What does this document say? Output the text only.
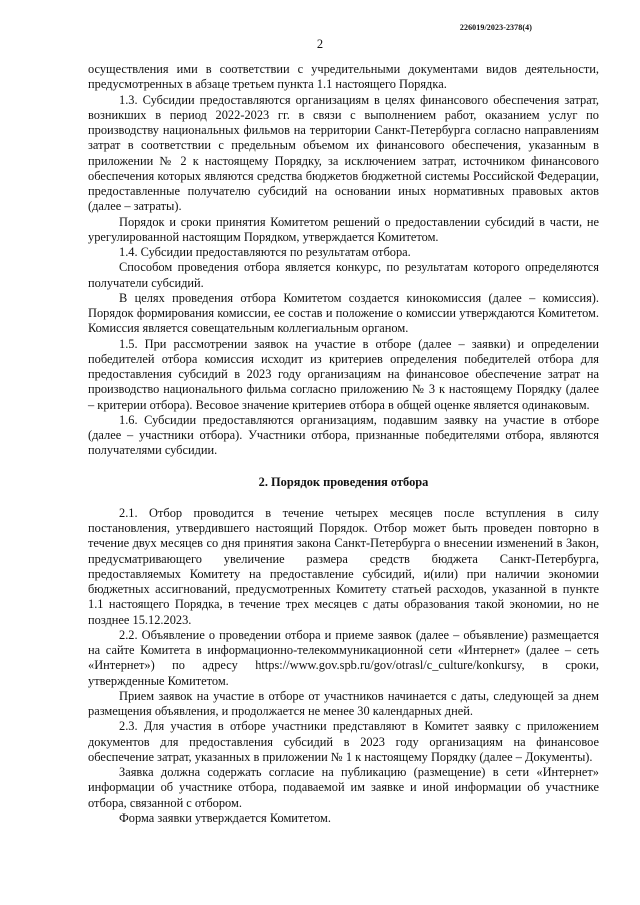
226019/2023-2378(4)
2

осуществления ими в соответствии с учредительными документами видов деятельности, предусмотренных в абзаце третьем пункта 1.1 настоящего Порядка.

1.3. Субсидии предоставляются организациям в целях финансового обеспечения затрат, возникших в период 2022-2023 гг. в связи с выполнением работ, оказанием услуг по производству национальных фильмов на территории Санкт-Петербурга согласно направлениям затрат в соответствии с предельным объемом их финансового обеспечения, указанным в приложении № 2 к настоящему Порядку, за исключением затрат, источником финансового обеспечения которых являются средства бюджетов бюджетной системы Российской Федерации, предоставленные получателю субсидий на основании иных нормативных правовых актов (далее – затраты).

Порядок и сроки принятия Комитетом решений о предоставлении субсидий в части, не урегулированной настоящим Порядком, утверждается Комитетом.

1.4. Субсидии предоставляются по результатам отбора.

Способом проведения отбора является конкурс, по результатам которого определяются получатели субсидий.

В целях проведения отбора Комитетом создается кинокомиссия (далее – комиссия). Порядок формирования комиссии, ее состав и положение о комиссии утверждаются Комитетом. Комиссия является совещательным коллегиальным органом.

1.5. При рассмотрении заявок на участие в отборе (далее – заявки) и определении победителей отбора комиссия исходит из критериев определения победителей отбора для предоставления субсидий в 2023 году организациям на финансовое обеспечение затрат на производство национального фильма согласно приложению № 3 к настоящему Порядку (далее – критерии отбора). Весовое значение критериев отбора в общей оценке является одинаковым.

1.6. Субсидии предоставляются организациям, подавшим заявку на участие в отборе (далее – участники отбора). Участники отбора, признанные победителями отбора, являются получателями субсидии.

2. Порядок проведения отбора

2.1. Отбор проводится в течение четырех месяцев после вступления в силу постановления, утвердившего настоящий Порядок. Отбор может быть проведен повторно в течение двух месяцев со дня принятия закона Санкт-Петербурга о внесении изменений в Закон, предусматривающего увеличение размера средств бюджета Санкт-Петербурга, предоставляемых Комитету на предоставление субсидий, и(или) при наличии экономии бюджетных ассигнований, предусмотренных Комитету статьей расходов, указанной в пункте 1.1 настоящего Порядка, в течение трех месяцев с даты образования такой экономии, но не позднее 15.12.2023.

2.2. Объявление о проведении отбора и приеме заявок (далее – объявление) размещается на сайте Комитета в информационно-телекоммуникационной сети «Интернет» (далее – сеть «Интернет») по адресу https://www.gov.spb.ru/gov/otrasl/c_culture/konkursy, в сроки, утвержденные Комитетом.

Прием заявок на участие в отборе от участников начинается с даты, следующей за днем размещения объявления, и продолжается не менее 30 календарных дней.

2.3. Для участия в отборе участники представляют в Комитет заявку с приложением документов для предоставления субсидий в 2023 году организациям на финансовое обеспечение затрат, указанных в приложении № 1 к настоящему Порядку (далее – Документы).

Заявка должна содержать согласие на публикацию (размещение) в сети «Интернет» информации об участнике отбора, подаваемой им заявке и иной информации об участнике отбора, связанной с отбором.

Форма заявки утверждается Комитетом.
